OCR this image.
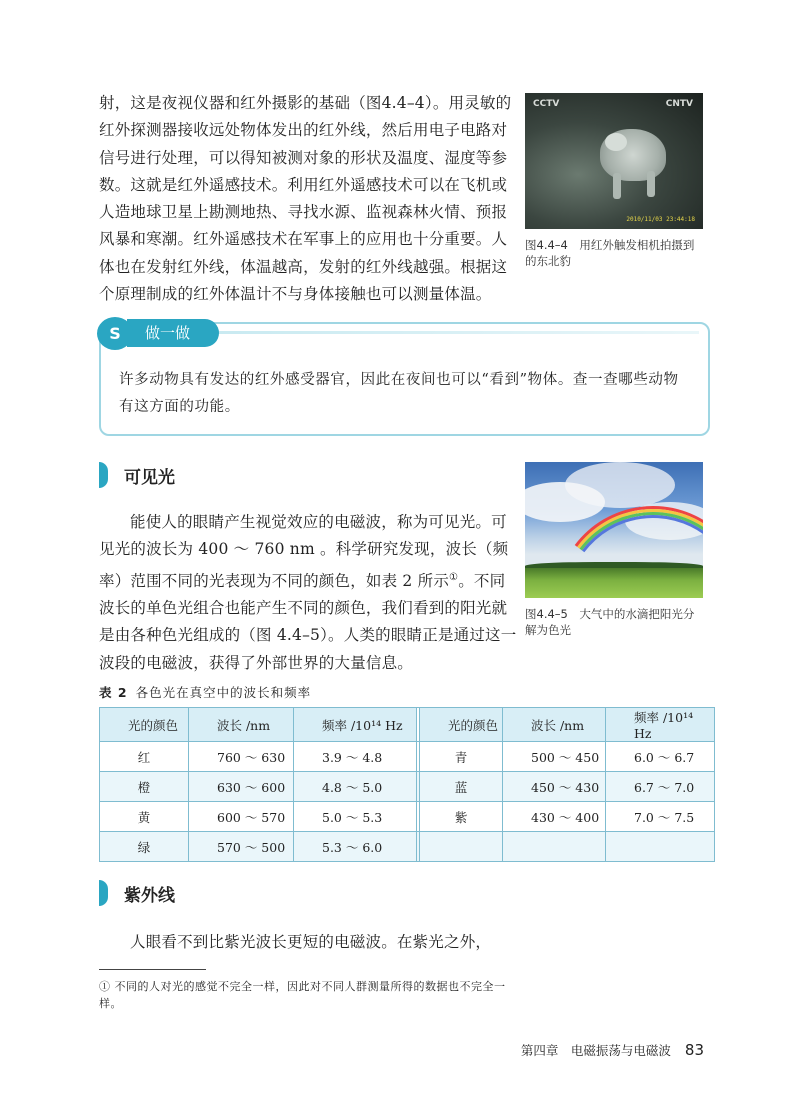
射，这是夜视仪器和红外摄影的基础（图4.4–4）。用灵敏的红外探测器接收远处物体发出的红外线，然后用电子电路对信号进行处理，可以得知被测对象的形状及温度、湿度等参数。这就是红外遥感技术。利用红外遥感技术可以在飞机或人造地球卫星上勘测地热、寻找水源、监视森林火情、预报风暴和寒潮。红外遥感技术在军事上的应用也十分重要。人体也在发射红外线，体温越高，发射的红外线越强。根据这个原理制成的红外体温计不与身体接触也可以测量体温。

CCTV	CNTV
2010/11/03 23:44:18
图4.4–4　用红外触发相机拍摄到的东北豹
做一做
S
许多动物具有发达的红外感受器官，因此在夜间也可以“看到”物体。查一查哪些动物有这方面的功能。
可见光

能使人的眼睛产生视觉效应的电磁波，称为可见光。可见光的波长为 400 ～ 760 nm 。科学研究发现，波长（频率）范围不同的光表现为不同的颜色，如表 2 所示①。不同波长的单色光组合也能产生不同的颜色，我们看到的阳光就是由各种色光组成的（图 4.4–5）。人类的眼睛正是通过这一波段的电磁波，获得了外部世界的大量信息。

图4.4–5　大气中的水滴把阳光分解为色光
表 2 各色光在真空中的波长和频率
光的颜色	波长 /nm	频率 /10¹⁴ Hz		光的颜色	波长 /nm	频率 /10¹⁴ Hz
红	760 ～ 630	3.9 ～ 4.8		青	500 ～ 450	6.0 ～ 6.7
橙	630 ～ 600	4.8 ～ 5.0		蓝	450 ～ 430	6.7 ～ 7.0
黄	600 ～ 570	5.0 ～ 5.3		紫	430 ～ 400	7.0 ～ 7.5
绿	570 ～ 500	5.3 ～ 6.0				
紫外线

人眼看不到比紫光波长更短的电磁波。在紫光之外，

① 不同的人对光的感觉不完全一样，因此对不同人群测量所得的数据也不完全一样。
第四章　电磁振荡与电磁波 83
